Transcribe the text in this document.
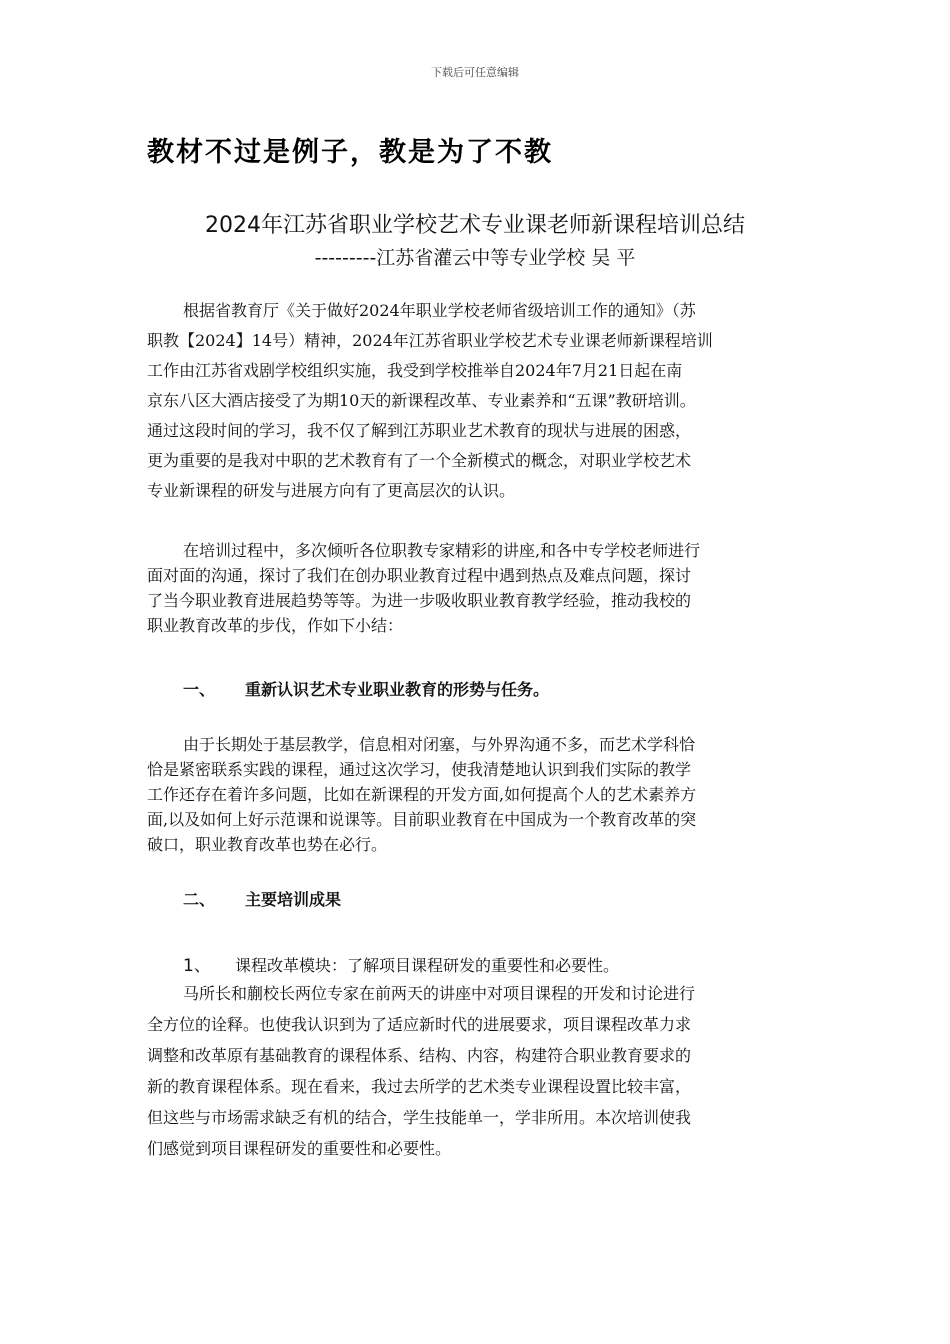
下载后可任意编辑
教材不过是例子，教是为了不教
2024年江苏省职业学校艺术专业课老师新课程培训总结
---------江苏省灌云中等专业学校 吴 平
根据省教育厅《关于做好2024年职业学校老师省级培训工作的通知》（苏
职教【2024】14号）精神，2024年江苏省职业学校艺术专业课老师新课程培训
工作由江苏省戏剧学校组织实施，我受到学校推举自2024年7月21日起在南
京东八区大酒店接受了为期10天的新课程改革、专业素养和“五课”教研培训。
通过这段时间的学习，我不仅了解到江苏职业艺术教育的现状与进展的困惑，
更为重要的是我对中职的艺术教育有了一个全新模式的概念，对职业学校艺术
专业新课程的研发与进展方向有了更高层次的认识。
在培训过程中，多次倾听各位职教专家精彩的讲座,和各中专学校老师进行
面对面的沟通，探讨了我们在创办职业教育过程中遇到热点及难点问题，探讨
了当今职业教育进展趋势等等。为进一步吸收职业教育教学经验，推动我校的
职业教育改革的步伐，作如下小结：
一、 重新认识艺术专业职业教育的形势与任务。
由于长期处于基层教学，信息相对闭塞，与外界沟通不多，而艺术学科恰
恰是紧密联系实践的课程，通过这次学习，使我清楚地认识到我们实际的教学
工作还存在着许多问题，比如在新课程的开发方面,如何提高个人的艺术素养方
面,以及如何上好示范课和说课等。目前职业教育在中国成为一个教育改革的突
破口，职业教育改革也势在必行。
二、 主要培训成果
1、 课程改革模块：了解项目课程研发的重要性和必要性。
马所长和蒯校长两位专家在前两天的讲座中对项目课程的开发和讨论进行
全方位的诠释。也使我认识到为了适应新时代的进展要求，项目课程改革力求
调整和改革原有基础教育的课程体系、结构、内容，构建符合职业教育要求的
新的教育课程体系。现在看来，我过去所学的艺术类专业课程设置比较丰富，
但这些与市场需求缺乏有机的结合，学生技能单一，学非所用。本次培训使我
们感觉到项目课程研发的重要性和必要性。
